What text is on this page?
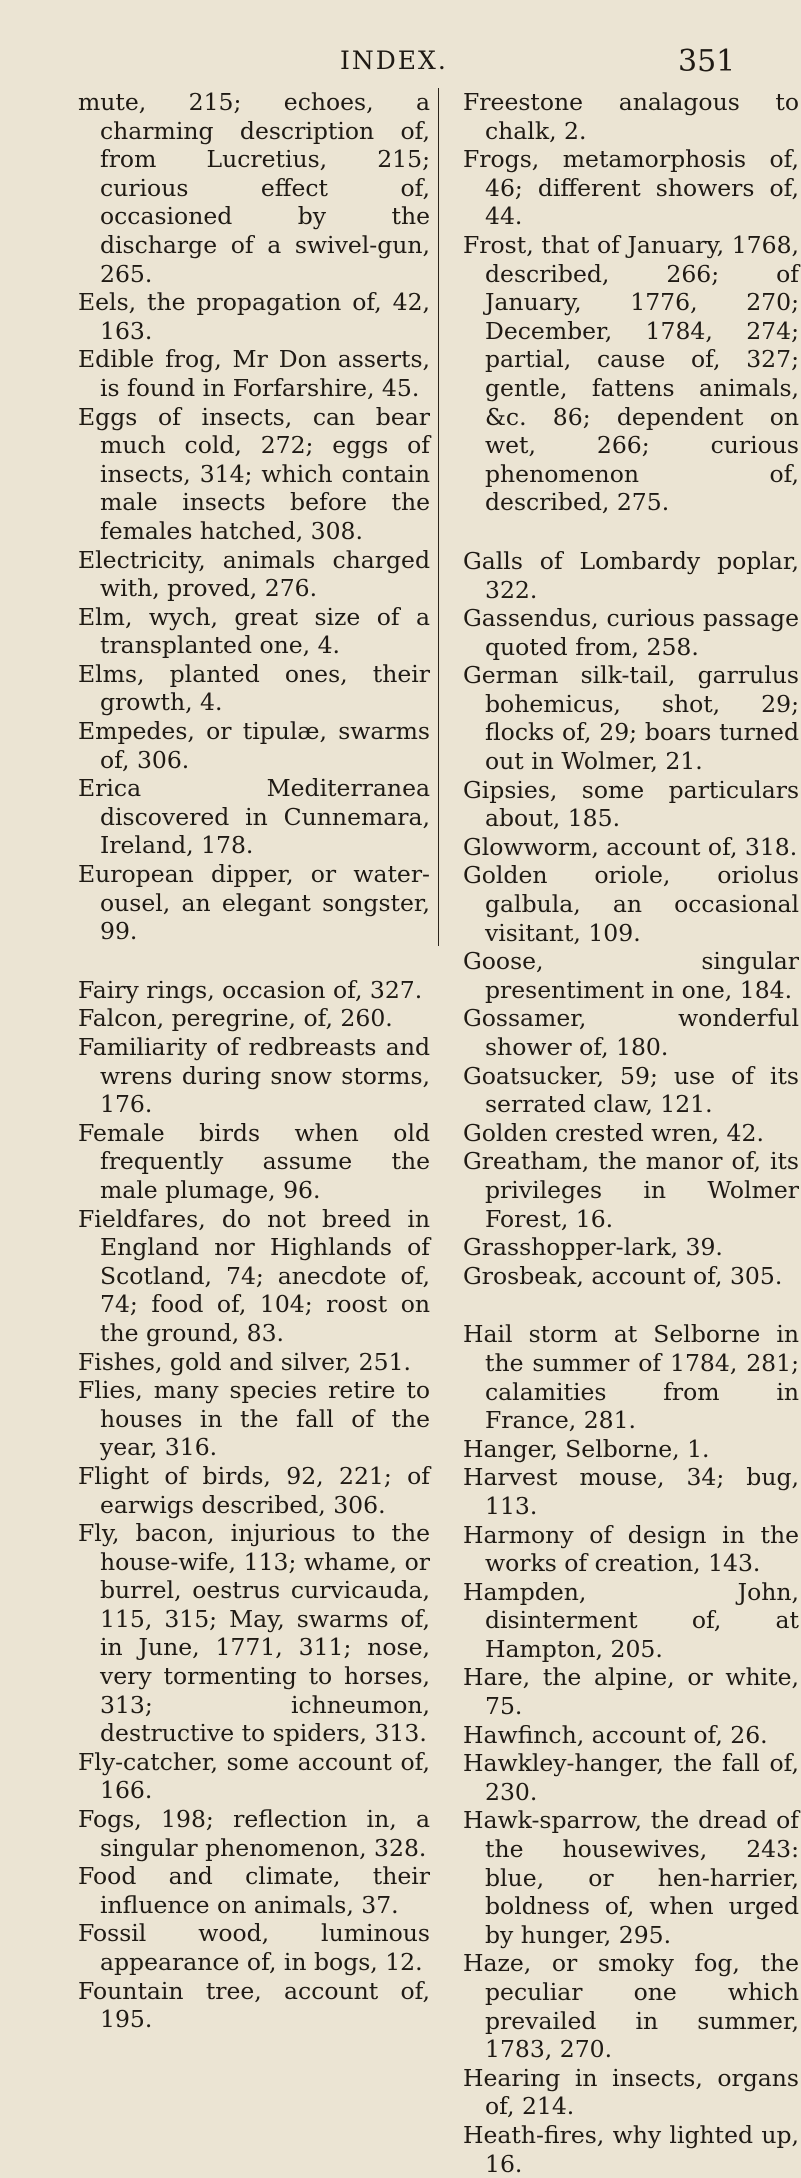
INDEX.	351

mute, 215; echoes, a charming description of, from Lucretius, 215; curious effect of, occasioned by the discharge of a swivel-gun, 265.

Eels, the propagation of, 42, 163.

Edible frog, Mr Don asserts, is found in Forfarshire, 45.

Eggs of insects, can bear much cold, 272; eggs of insects, 314; which contain male insects before the females hatched, 308.

Electricity, animals charged with, proved, 276.

Elm, wych, great size of a transplanted one, 4.

Elms, planted ones, their growth, 4.

Empedes, or tipulæ, swarms of, 306.

Erica Mediterranea discovered in Cunnemara, Ireland, 178.

European dipper, or water-ousel, an elegant songster, 99.

Fairy rings, occasion of, 327.

Falcon, peregrine, of, 260.

Familiarity of redbreasts and wrens during snow storms, 176.

Female birds when old frequently assume the male plumage, 96.

Fieldfares, do not breed in England nor Highlands of Scotland, 74; anecdote of, 74; food of, 104; roost on the ground, 83.

Fishes, gold and silver, 251.

Flies, many species retire to houses in the fall of the year, 316.

Flight of birds, 92, 221; of earwigs described, 306.

Fly, bacon, injurious to the house-wife, 113; whame, or burrel, oestrus curvicauda, 115, 315; May, swarms of, in June, 1771, 311; nose, very tormenting to horses, 313; ichneumon, destructive to spiders, 313.

Fly-catcher, some account of, 166.

Fogs, 198; reflection in, a singular phenomenon, 328.

Food and climate, their influence on animals, 37.

Fossil wood, luminous appearance of, in bogs, 12.

Fountain tree, account of, 195.

Freestone analagous to chalk, 2.

Frogs, metamorphosis of, 46; different showers of, 44.

Frost, that of January, 1768, described, 266; of January, 1776, 270; December, 1784, 274; partial, cause of, 327; gentle, fattens animals, &c. 86; dependent on wet, 266; curious phenomenon of, described, 275.

Galls of Lombardy poplar, 322.

Gassendus, curious passage quoted from, 258.

German silk-tail, garrulus bohemicus, shot, 29; flocks of, 29; boars turned out in Wolmer, 21.

Gipsies, some particulars about, 185.

Glowworm, account of, 318.

Golden oriole, oriolus galbula, an occasional visitant, 109.

Goose, singular presentiment in one, 184.

Gossamer, wonderful shower of, 180.

Goatsucker, 59; use of its serrated claw, 121.

Golden crested wren, 42.

Greatham, the manor of, its privileges in Wolmer Forest, 16.

Grasshopper-lark, 39.

Grosbeak, account of, 305.

Hail storm at Selborne in the summer of 1784, 281; calamities from in France, 281.

Hanger, Selborne, 1.

Harvest mouse, 34; bug, 113.

Harmony of design in the works of creation, 143.

Hampden, John, disinterment of, at Hampton, 205.

Hare, the alpine, or white, 75.

Hawfinch, account of, 26.

Hawkley-hanger, the fall of, 230.

Hawk-sparrow, the dread of the housewives, 243: blue, or hen-harrier, boldness of, when urged by hunger, 295.

Haze, or smoky fog, the peculiar one which prevailed in summer, 1783, 270.

Hearing in insects, organs of, 214.

Heath-fires, why lighted up, 16.
